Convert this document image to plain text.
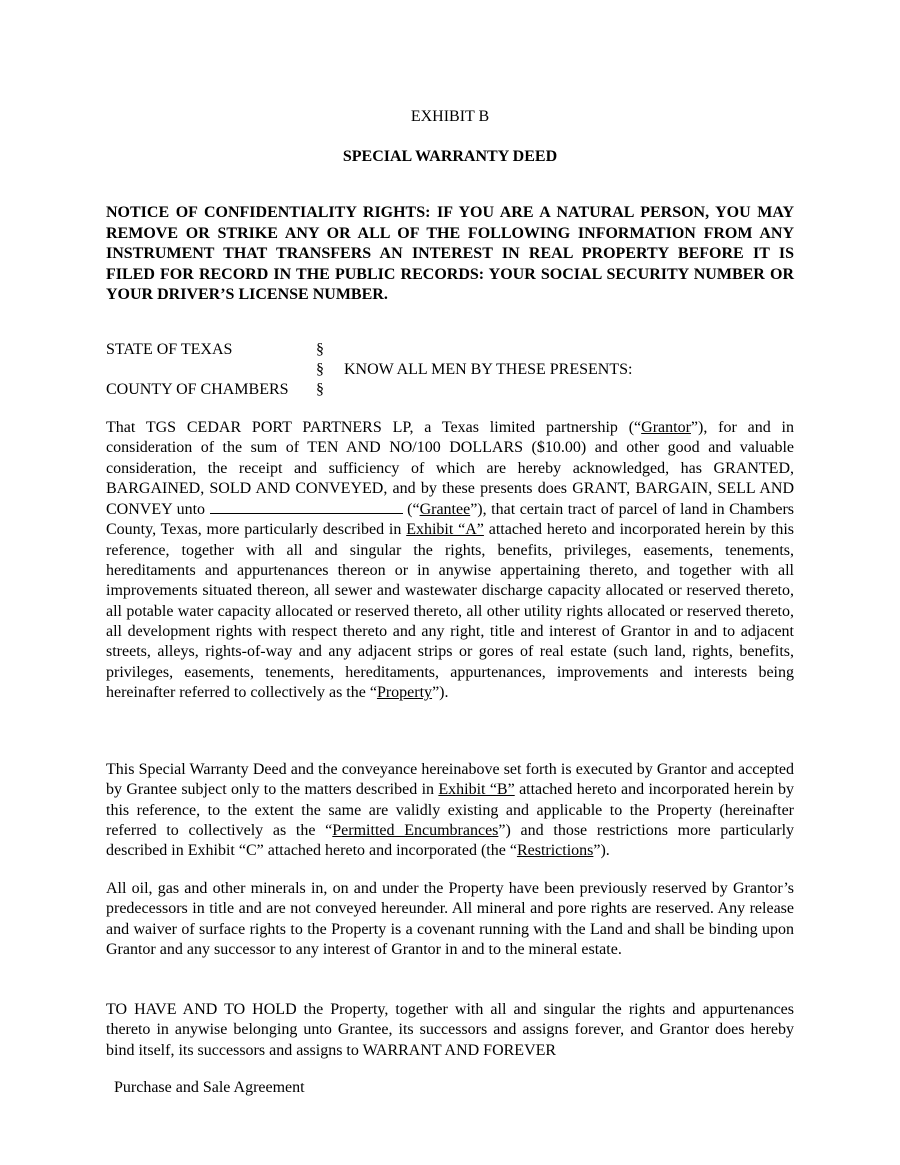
EXHIBIT B
SPECIAL WARRANTY DEED

NOTICE OF CONFIDENTIALITY RIGHTS: IF YOU ARE A NATURAL PERSON, YOU MAY REMOVE OR STRIKE ANY OR ALL OF THE FOLLOWING INFORMATION FROM ANY INSTRUMENT THAT TRANSFERS AN INTEREST IN REAL PROPERTY BEFORE IT IS FILED FOR RECORD IN THE PUBLIC RECORDS: YOUR SOCIAL SECURITY NUMBER OR YOUR DRIVER’S LICENSE NUMBER.

STATE OF TEXAS	§
§ KNOW ALL MEN BY THESE PRESENTS:
COUNTY OF CHAMBERS §

That TGS CEDAR PORT PARTNERS LP, a Texas limited partnership (“Grantor”), for and in consideration of the sum of TEN AND NO/100 DOLLARS ($10.00) and other good and valuable consideration, the receipt and sufficiency of which are hereby acknowledged, has GRANTED, BARGAINED, SOLD AND CONVEYED, and by these presents does GRANT, BARGAIN, SELL AND CONVEY unto	(“Grantee”), that certain tract of parcel of land in Chambers County, Texas, more particularly described in Exhibit “A” attached hereto and incorporated herein by this reference, together with all and singular the rights, benefits, privileges, easements, tenements, hereditaments and appurtenances thereon or in anywise appertaining thereto, and together with all improvements situated thereon, all sewer and wastewater discharge capacity allocated or reserved thereto, all potable water capacity allocated or reserved thereto, all other utility rights allocated or reserved thereto, all development rights with respect thereto and any right, title and interest of Grantor in and to adjacent streets, alleys, rights-of-way and any adjacent strips or gores of real estate (such land, rights, benefits, privileges, easements, tenements, hereditaments, appurtenances, improvements and interests being hereinafter referred to collectively as the “Property”).

This Special Warranty Deed and the conveyance hereinabove set forth is executed by Grantor and accepted by Grantee subject only to the matters described in Exhibit “B” attached hereto and incorporated herein by this reference, to the extent the same are validly existing and applicable to the Property (hereinafter referred to collectively as the “Permitted Encumbrances”) and those restrictions more particularly described in Exhibit “C” attached hereto and incorporated (the “Restrictions”).

All oil, gas and other minerals in, on and under the Property have been previously reserved by Grantor’s predecessors in title and are not conveyed hereunder. All mineral and pore rights are reserved. Any release and waiver of surface rights to the Property is a covenant running with the Land and shall be binding upon Grantor and any successor to any interest of Grantor in and to the mineral estate.

TO HAVE AND TO HOLD the Property, together with all and singular the rights and appurtenances thereto in anywise belonging unto Grantee, its successors and assigns forever, and Grantor does hereby bind itself, its successors and assigns to WARRANT AND FOREVER

Purchase and Sale Agreement
